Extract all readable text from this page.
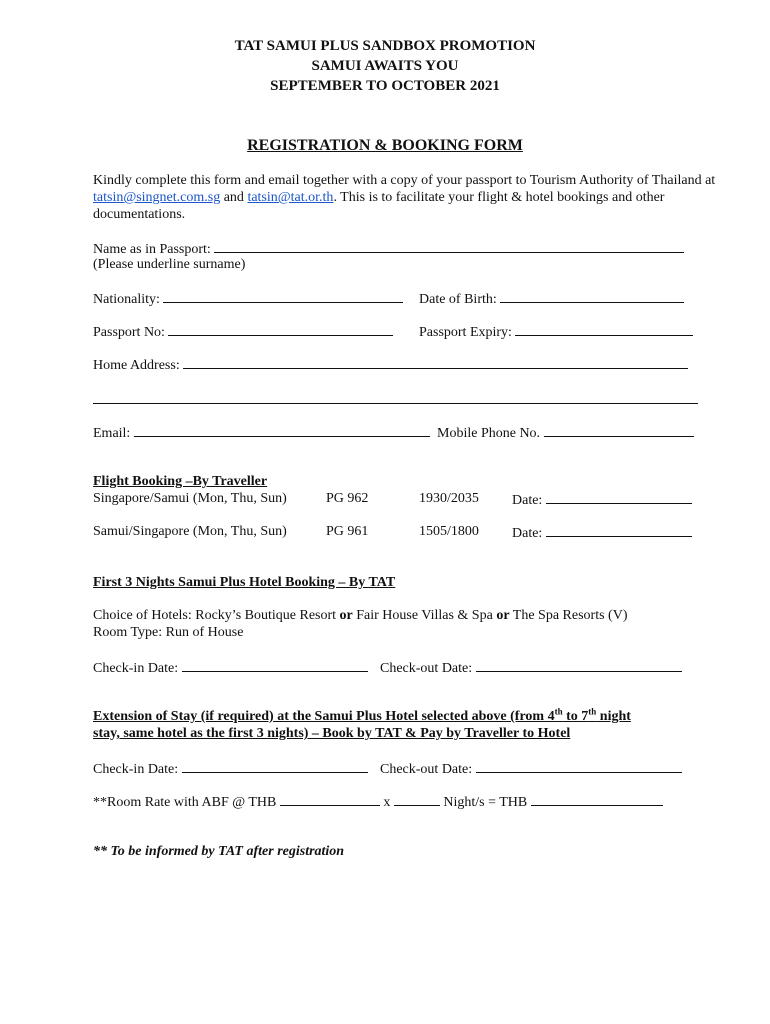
TAT SAMUI PLUS SANDBOX PROMOTION
SAMUI AWAITS YOU
SEPTEMBER TO OCTOBER 2021
REGISTRATION & BOOKING FORM
Kindly complete this form and email together with a copy of your passport to Tourism Authority of Thailand at tatsin@singnet.com.sg and tatsin@tat.or.th. This is to facilitate your flight & hotel bookings and other documentations.
Name as in Passport:
(Please underline surname)
Nationality:	Date of Birth:
Passport No:	Passport Expiry:
Home Address:
Email:	Mobile Phone No.
Flight Booking –By Traveller
Singapore/Samui (Mon, Thu, Sun)	PG 962	1930/2035 Date:
Samui/Singapore (Mon, Thu, Sun)	PG 961	1505/1800 Date:
First 3 Nights Samui Plus Hotel Booking – By TAT
Choice of Hotels: Rocky’s Boutique Resort or Fair House Villas & Spa or The Spa Resorts (V)
Room Type: Run of House
Check-in Date:	Check-out Date:
Extension of Stay (if required) at the Samui Plus Hotel selected above (from 4th to 7th night
stay, same hotel as the first 3 nights) – Book by TAT & Pay by Traveller to Hotel
Check-in Date:	Check-out Date:
**Room Rate with ABF @ THB	x	Night/s = THB
** To be informed by TAT after registration
